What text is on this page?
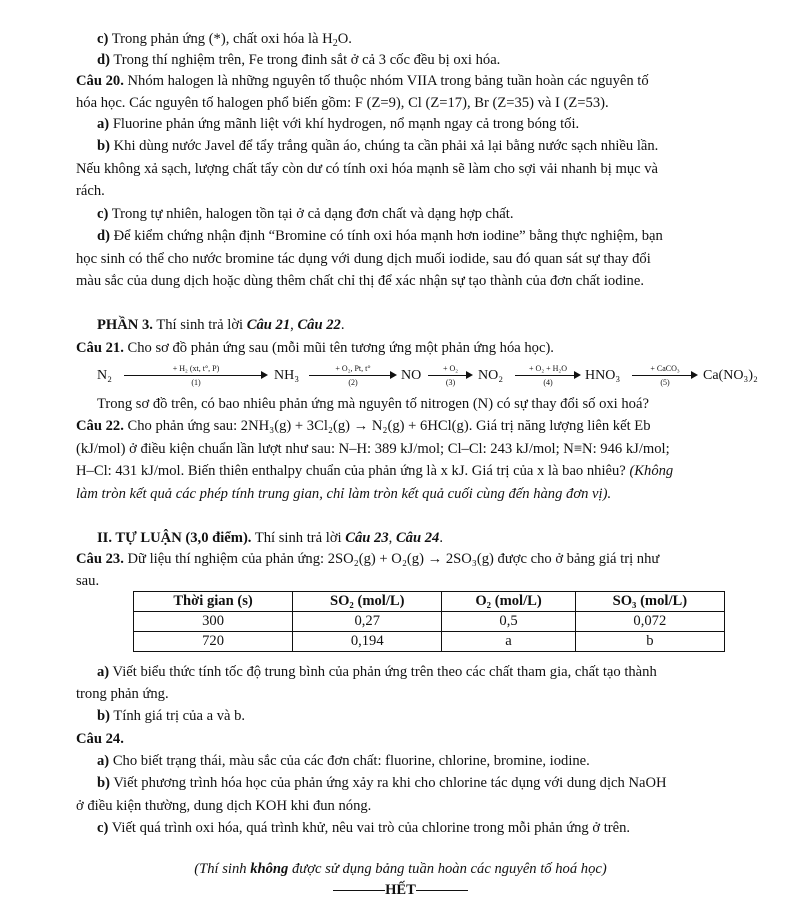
c) Trong phản ứng (*), chất oxi hóa là $H_2O$.
d) Trong thí nghiệm trên, Fe trong đinh sắt ở cả 3 cốc đều bị oxi hóa.
Câu 20. Nhóm halogen là những nguyên tố thuộc nhóm VIIA trong bảng tuần hoàn các nguyên tố
hóa học. Các nguyên tố halogen phổ biến gồm: F (Z=9), Cl (Z=17), Br (Z=35) và I (Z=53).
a) Fluorine phản ứng mãnh liệt với khí hydrogen, nổ mạnh ngay cả trong bóng tối.
b) Khi dùng nước Javel để tẩy trắng quần áo, chúng ta cần phải xả lại bằng nước sạch nhiều lần.
Nếu không xả sạch, lượng chất tẩy còn dư có tính oxi hóa mạnh sẽ làm cho sợi vải nhanh bị mục và
rách.
c) Trong tự nhiên, halogen tồn tại ở cả dạng đơn chất và dạng hợp chất.
d) Để kiểm chứng nhận định “Bromine có tính oxi hóa mạnh hơn iodine” bằng thực nghiệm, bạn
học sinh có thể cho nước bromine tác dụng với dung dịch muối iodide, sau đó quan sát sự thay đổi
màu sắc của dung dịch hoặc dùng thêm chất chỉ thị để xác nhận sự tạo thành của đơn chất iodine.
PHẦN 3. Thí sinh trả lời Câu 21, Câu 22.
Câu 21. Cho sơ đồ phản ứng sau (mỗi mũi tên tương ứng một phản ứng hóa học).
N₂	+ H₂ (xt, t°, P)
(1)	NH₃	+ O₂, Pt, t°
(2)	NO	+ O₂
(3)	NO₂	+ O₂ + H₂O
(4)	HNO₃	+ CaCO₃
(5)	Ca(NO₃)₂
Trong sơ đồ trên, có bao nhiêu phản ứng mà nguyên tố nitrogen (N) có sự thay đổi số oxi hoá?
Câu 22. Cho phản ứng sau: 2NH₃(g) + 3Cl₂(g) → N₂(g) + 6HCl(g). Giá trị năng lượng liên kết Eb
(kJ/mol) ở điều kiện chuẩn lần lượt như sau: N–H: 389 kJ/mol; Cl–Cl: 243 kJ/mol; N≡N: 946 kJ/mol;
H–Cl: 431 kJ/mol. Biến thiên enthalpy chuẩn của phản ứng là x kJ. Giá trị của x là bao nhiêu? (Không
làm tròn kết quả các phép tính trung gian, chỉ làm tròn kết quả cuối cùng đến hàng đơn vị).
II. TỰ LUẬN (3,0 điểm). Thí sinh trả lời Câu 23, Câu 24.
Câu 23. Dữ liệu thí nghiệm của phản ứng: 2SO₂(g) + O₂(g) → 2SO₃(g) được cho ở bảng giá trị như
sau.
Thời gian (s)	SO₂ (mol/L)	O₂ (mol/L)	SO₃ (mol/L)
300	0,27	0,5	0,072
720	0,194	a	b
a) Viết biểu thức tính tốc độ trung bình của phản ứng trên theo các chất tham gia, chất tạo thành
trong phản ứng.
b) Tính giá trị của a và b.
Câu 24.
a) Cho biết trạng thái, màu sắc của các đơn chất: fluorine, chlorine, bromine, iodine.
b) Viết phương trình hóa học của phản ứng xảy ra khi cho chlorine tác dụng với dung dịch NaOH
ở điều kiện thường, dung dịch KOH khi đun nóng.
c) Viết quá trình oxi hóa, quá trình khử, nêu vai trò của chlorine trong mỗi phản ứng ở trên.
(Thí sinh không được sử dụng bảng tuần hoàn các nguyên tố hoá học)
HẾT
